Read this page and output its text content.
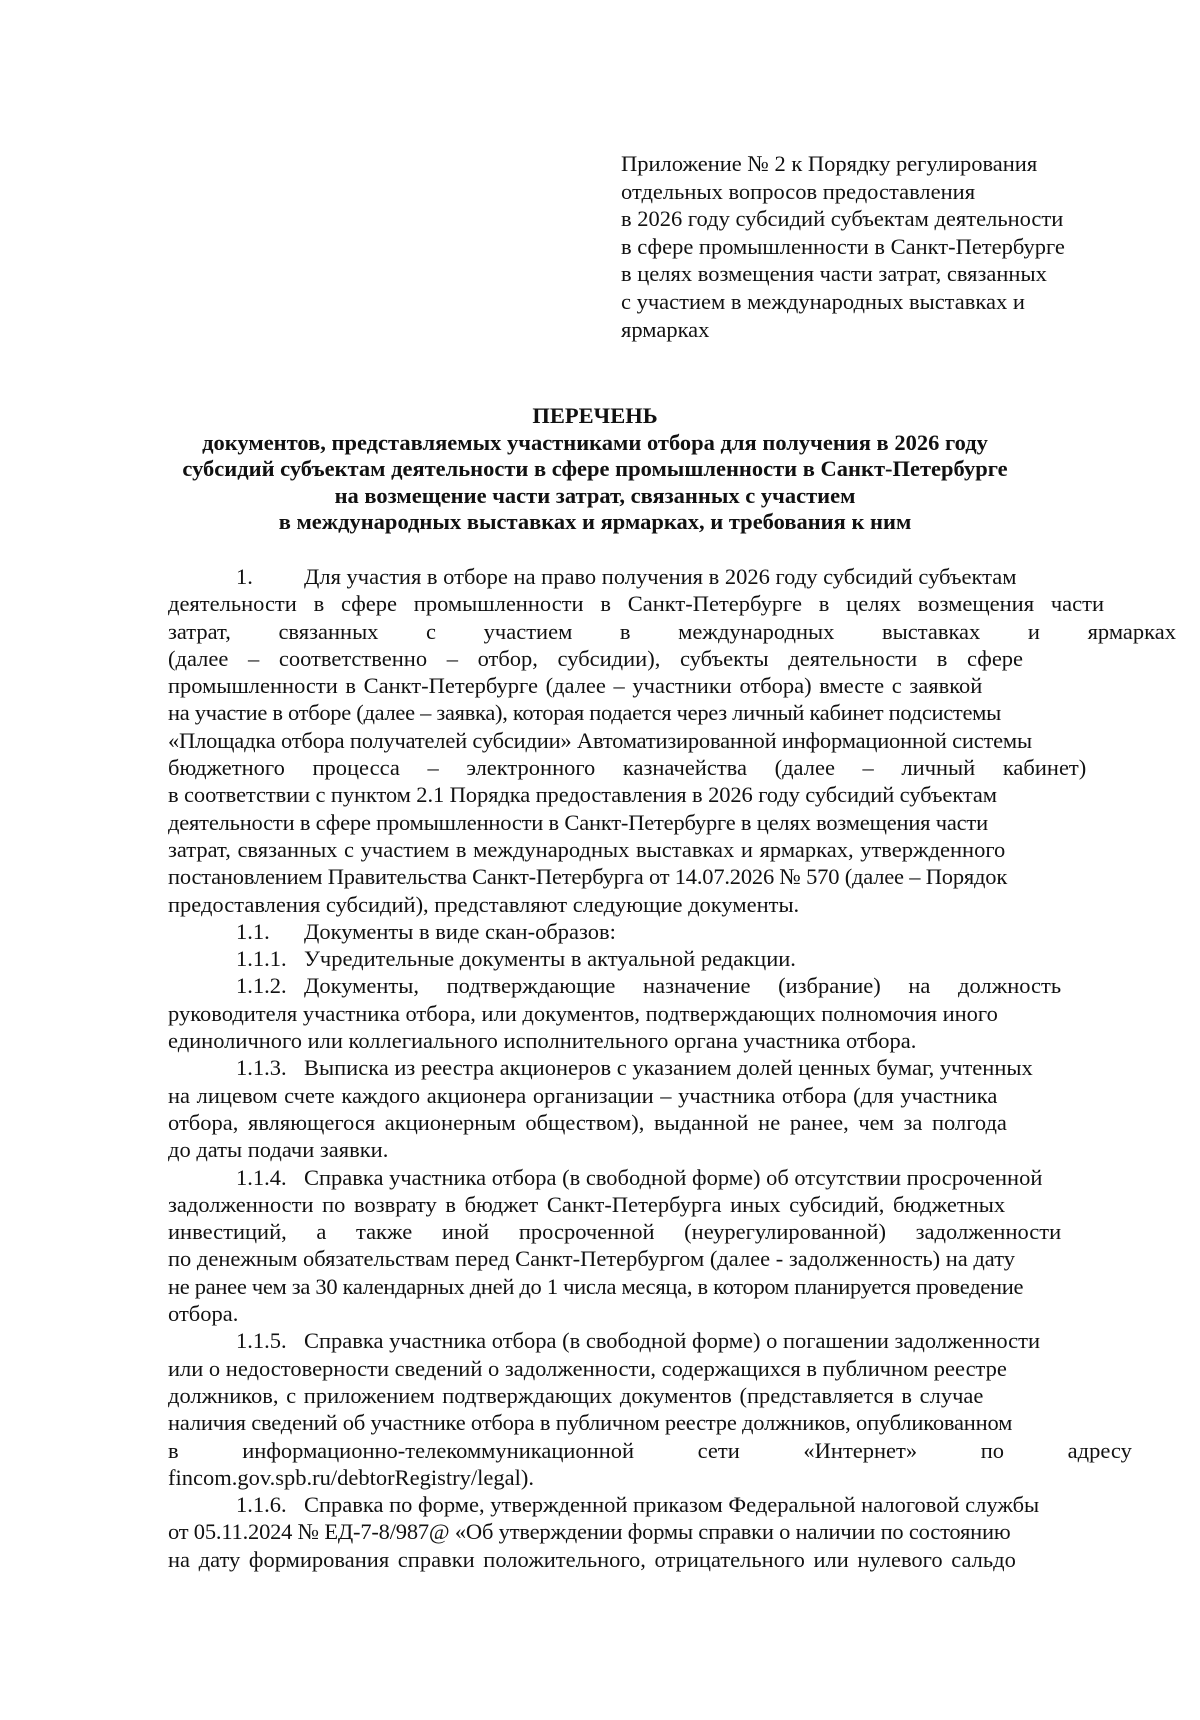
Приложение № 2 к Порядку регулирования
отдельных вопросов предоставления
в 2026 году субсидий субъектам деятельности
в сфере промышленности в Санкт-Петербурге
в целях возмещения части затрат, связанных
с участием в международных выставках и
ярмарках
ПЕРЕЧЕНЬ
документов, представляемых участниками отбора для получения в 2026 году
субсидий субъектам деятельности в сфере промышленности в Санкт-Петербурге
на возмещение части затрат, связанных с участием
в международных выставках и ярмарках, и требования к ним
1. Для участия в отборе на право получения в 2026 году субсидий субъектам
деятельности в сфере промышленности в Санкт-Петербурге в целях возмещения части
затрат, связанных с участием в международных выставках и ярмарках
(далее – соответственно – отбор, субсидии), субъекты деятельности в сфере
промышленности в Санкт-Петербурге (далее – участники отбора) вместе с заявкой
на участие в отборе (далее – заявка), которая подается через личный кабинет подсистемы
«Площадка отбора получателей субсидии» Автоматизированной информационной системы
бюджетного процесса – электронного казначейства (далее – личный кабинет)
в соответствии с пунктом 2.1 Порядка предоставления в 2026 году субсидий субъектам
деятельности в сфере промышленности в Санкт-Петербурге в целях возмещения части
затрат, связанных с участием в международных выставках и ярмарках, утвержденного
постановлением Правительства Санкт-Петербурга от 14.07.2026 № 570 (далее – Порядок
предоставления субсидий), представляют следующие документы.
1.1. Документы в виде скан-образов:
1.1.1. Учредительные документы в актуальной редакции.
1.1.2. Документы, подтверждающие назначение (избрание) на должность
руководителя участника отбора, или документов, подтверждающих полномочия иного
единоличного или коллегиального исполнительного органа участника отбора.
1.1.3. Выписка из реестра акционеров с указанием долей ценных бумаг, учтенных
на лицевом счете каждого акционера организации – участника отбора (для участника
отбора, являющегося акционерным обществом), выданной не ранее, чем за полгода
до даты подачи заявки.
1.1.4. Справка участника отбора (в свободной форме) об отсутствии просроченной
задолженности по возврату в бюджет Санкт-Петербурга иных субсидий, бюджетных
инвестиций, а также иной просроченной (неурегулированной) задолженности
по денежным обязательствам перед Санкт-Петербургом (далее - задолженность) на дату
не ранее чем за 30 календарных дней до 1 числа месяца, в котором планируется проведение
отбора.
1.1.5. Справка участника отбора (в свободной форме) о погашении задолженности
или о недостоверности сведений о задолженности, содержащихся в публичном реестре
должников, с приложением подтверждающих документов (представляется в случае
наличия сведений об участнике отбора в публичном реестре должников, опубликованном
в информационно-телекоммуникационной сети «Интернет» по адресу
fincom.gov.spb.ru/debtorRegistry/legal).
1.1.6. Справка по форме, утвержденной приказом Федеральной налоговой службы
от 05.11.2024 № ЕД-7-8/987@ «Об утверждении формы справки о наличии по состоянию
на дату формирования справки положительного, отрицательного или нулевого сальдо
